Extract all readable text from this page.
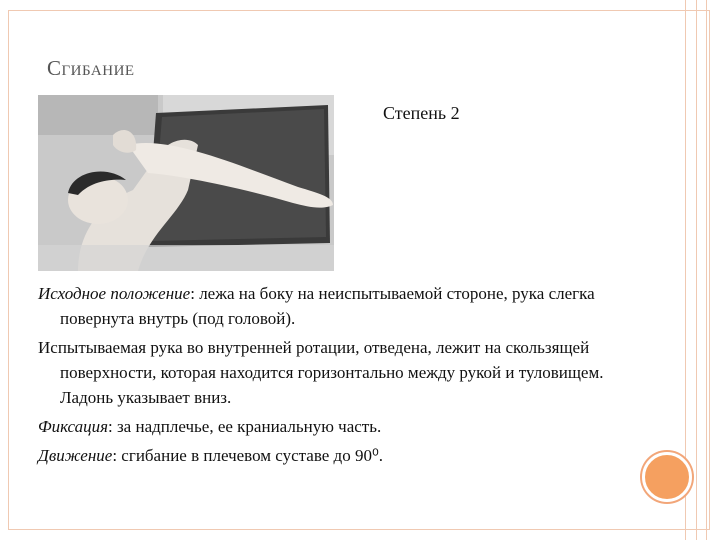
Сгибание
Степень 2

Исходное положение: лежа на боку на неиспытываемой стороне, рука слегка повернута внутрь (под головой).

Испытываемая рука во внутренней ротации, отведена, лежит на скользящей поверхности, которая находится горизонтально между рукой и туловищем. Ладонь указывает вниз.

Фиксация: за надплечье, ее краниальную часть.

Движение: сгибание в плечевом суставе до 90⁰.
